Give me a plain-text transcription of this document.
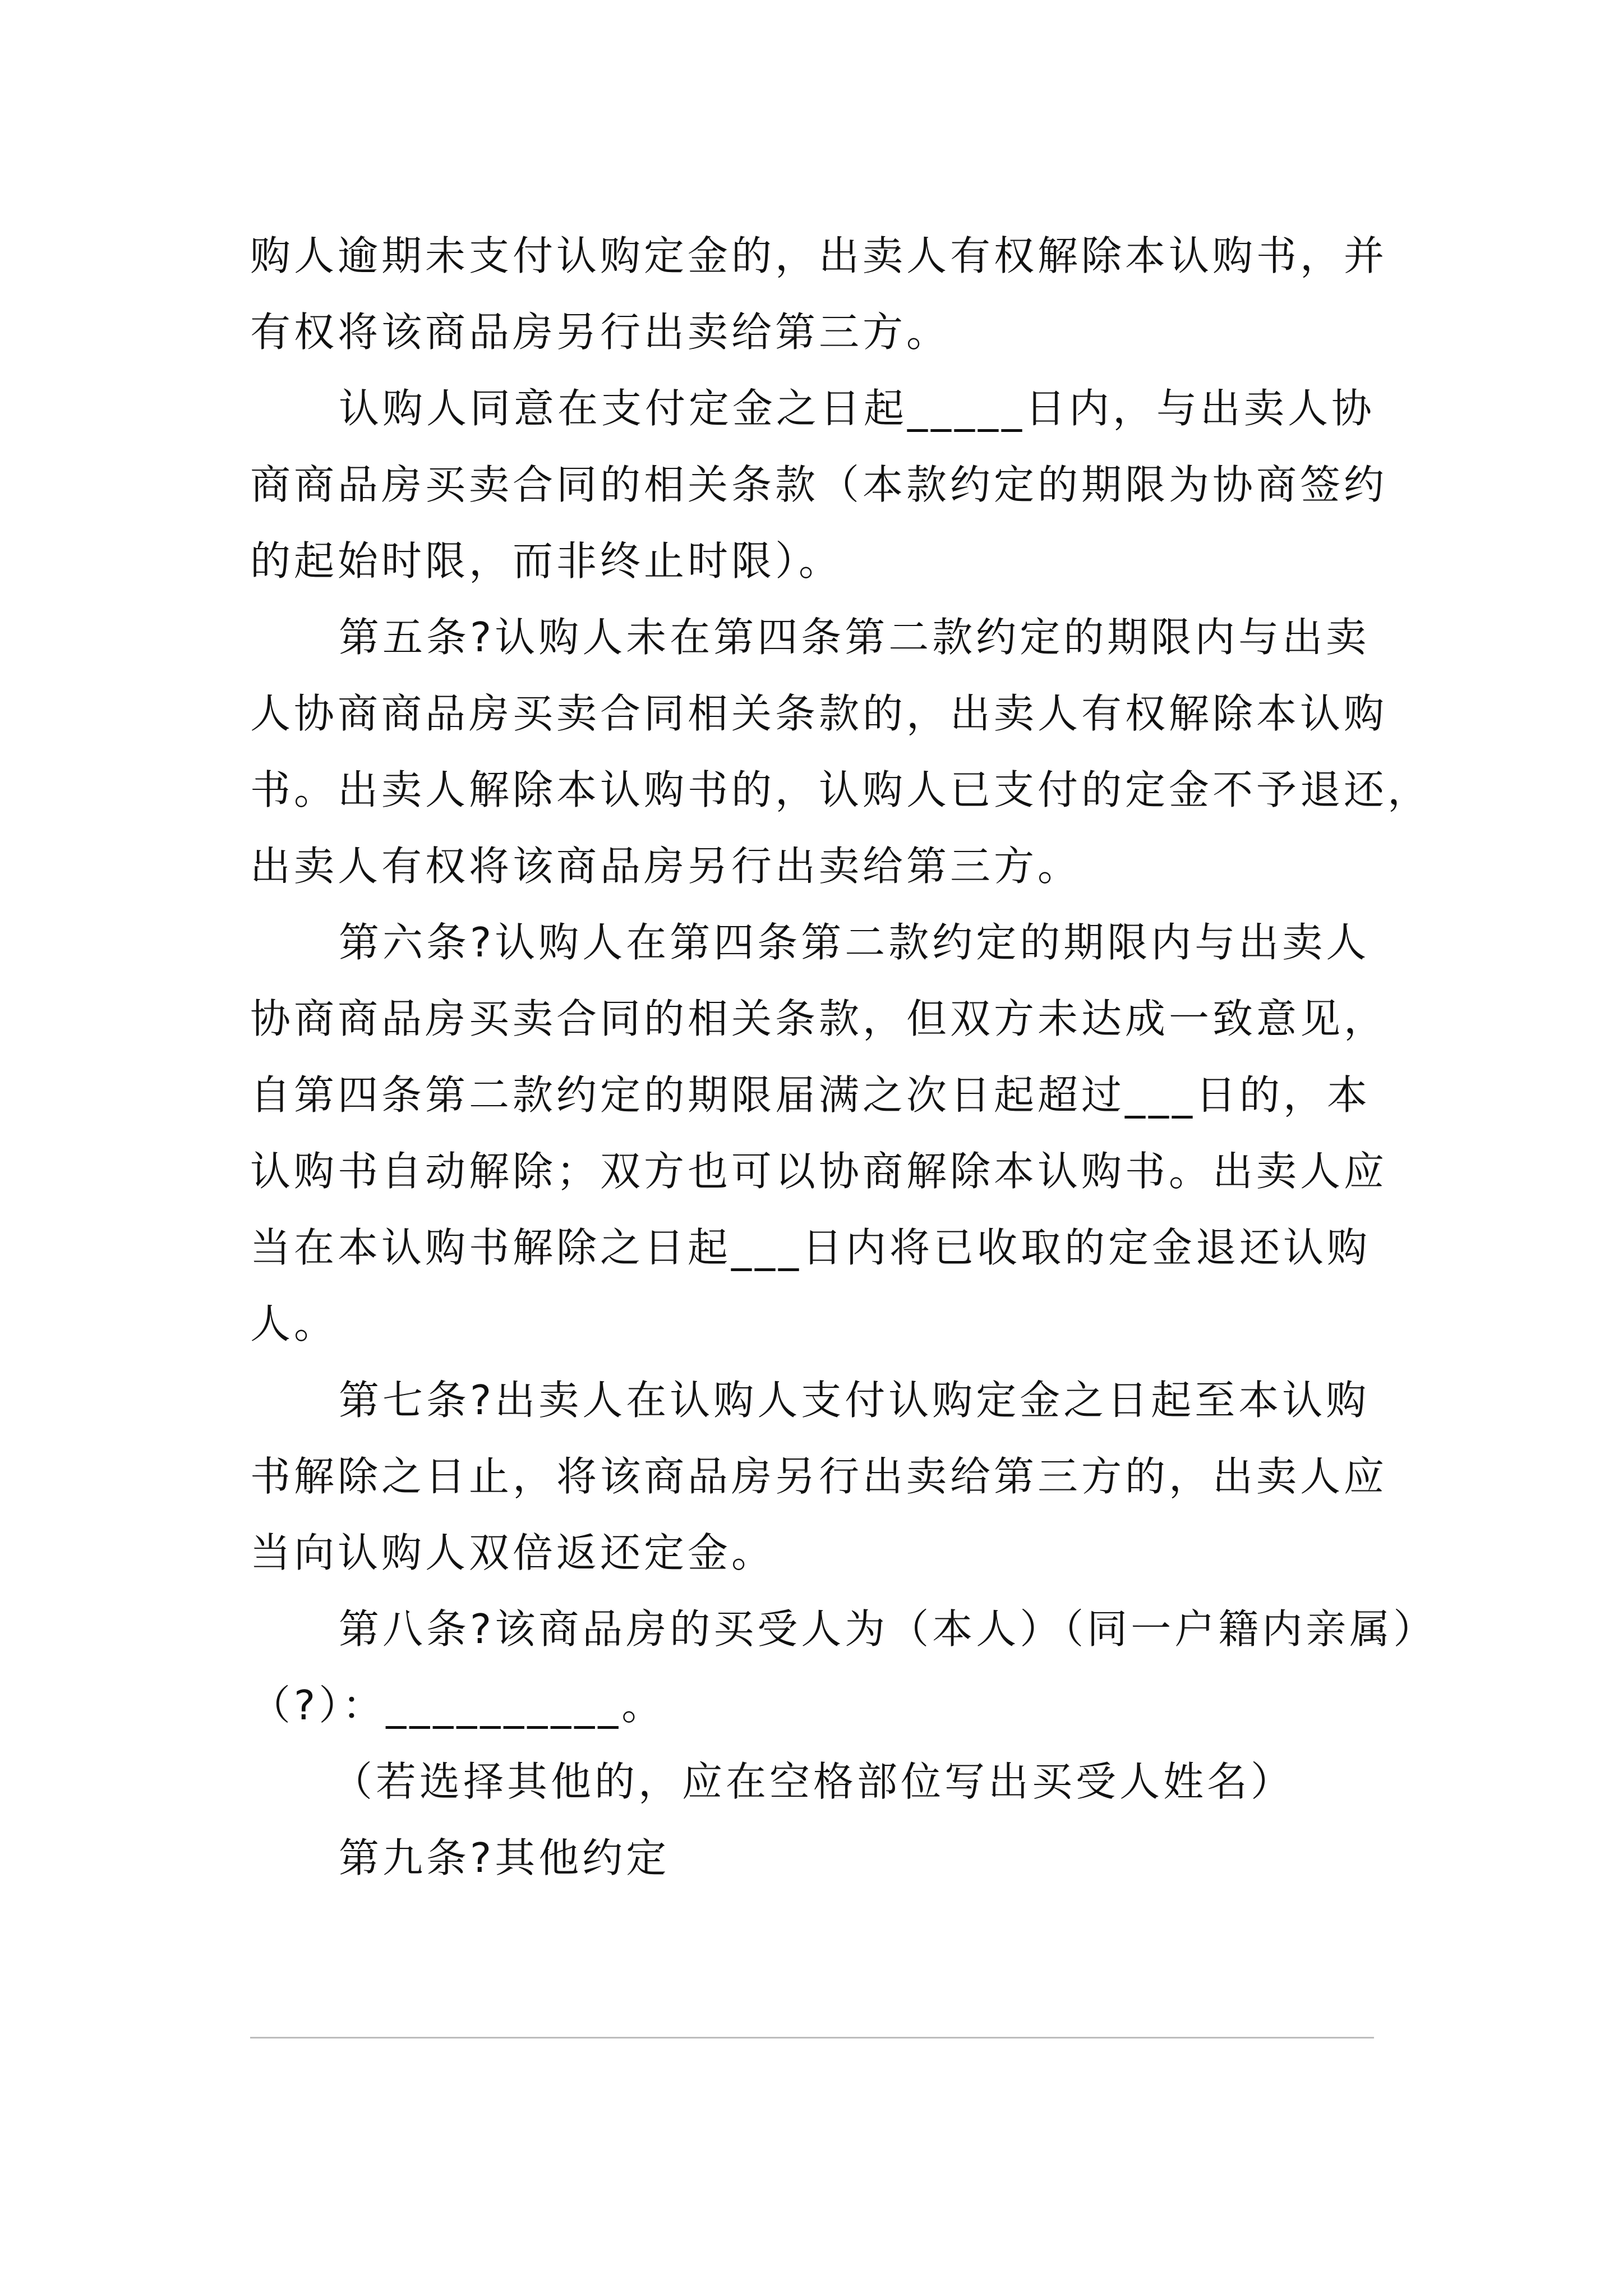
购人逾期未支付认购定金的，出卖人有权解除本认购书，并
有权将该商品房另行出卖给第三方。
认购人同意在支付定金之日起_____日内，与出卖人协
商商品房买卖合同的相关条款（本款约定的期限为协商签约
的起始时限，而非终止时限）。
第五条?认购人未在第四条第二款约定的期限内与出卖
人协商商品房买卖合同相关条款的，出卖人有权解除本认购
书。出卖人解除本认购书的，认购人已支付的定金不予退还，
出卖人有权将该商品房另行出卖给第三方。
第六条?认购人在第四条第二款约定的期限内与出卖人
协商商品房买卖合同的相关条款，但双方未达成一致意见，
自第四条第二款约定的期限届满之次日起超过___日的，本
认购书自动解除；双方也可以协商解除本认购书。出卖人应
当在本认购书解除之日起___日内将已收取的定金退还认购
人。
第七条?出卖人在认购人支付认购定金之日起至本认购
书解除之日止，将该商品房另行出卖给第三方的，出卖人应
当向认购人双倍返还定金。
第八条?该商品房的买受人为（本人）（同一户籍内亲属）
（?）：__________。
（若选择其他的，应在空格部位写出买受人姓名）
第九条?其他约定
